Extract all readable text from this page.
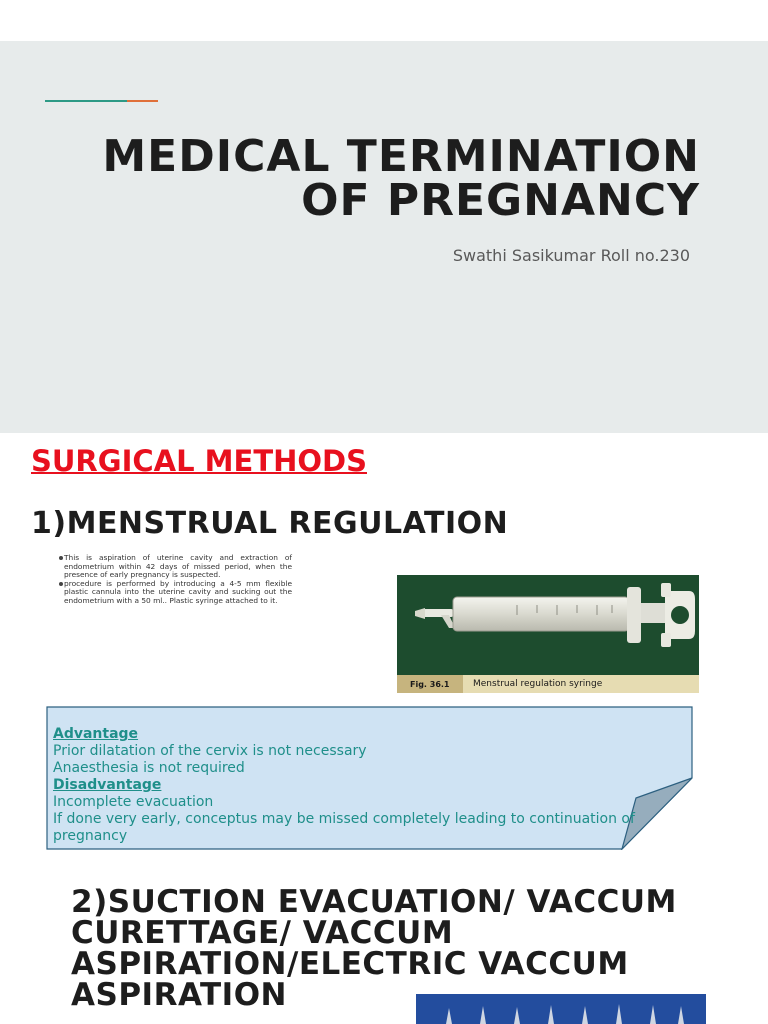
MEDICAL TERMINATION
OF PREGNANCY
Swathi Sasikumar Roll no.230
SURGICAL METHODS
1)MENSTRUAL REGULATION
This is aspiration of uterine cavity and extraction of endometrium within 42 days of missed period, when the presence of early pregnancy is suspected.
procedure is performed by introducing a 4-5 mm flexible plastic cannula into the uterine cavity and sucking out the endometrium with a 50 ml.. Plastic syringe attached to it.
Fig. 36.1	Menstrual regulation syringe
Advantage
Prior dilatation of the cervix is not necessary
Anaesthesia is not required
Disadvantage
Incomplete evacuation
If done very early, conceptus may be missed completely leading to continuation of pregnancy
2)SUCTION EVACUATION/ VACCUM
CURETTAGE/ VACCUM
ASPIRATION/ELECTRIC VACCUM
ASPIRATION
